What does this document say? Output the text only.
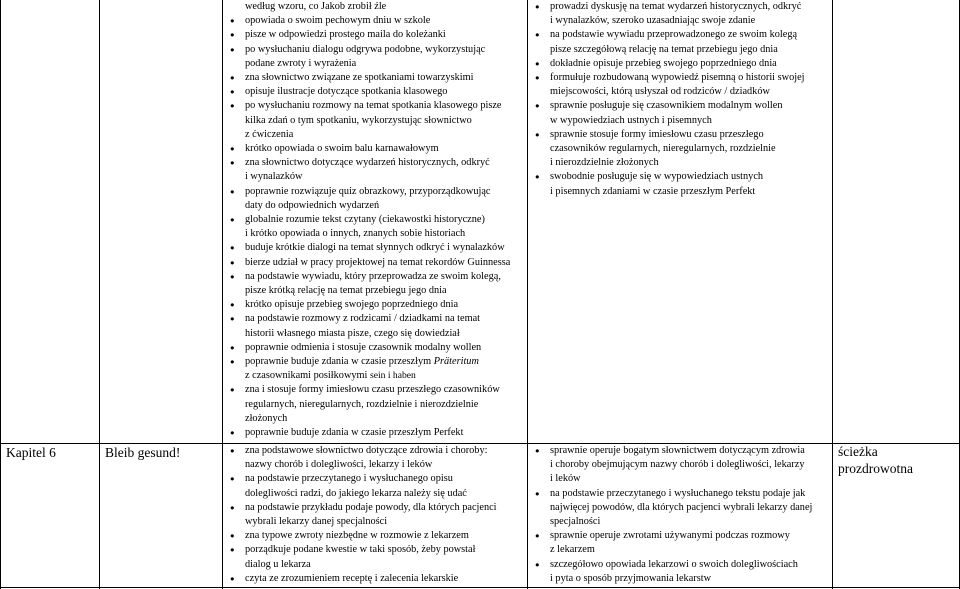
według wzoru, co Jakob zrobił źle
● opowiada o swoim pechowym dniu w szkole
● pisze w odpowiedzi prostego maila do koleżanki
● po wysłuchaniu dialogu odgrywa podobne, wykorzystując
podane zwroty i wyrażenia
● zna słownictwo związane ze spotkaniami towarzyskimi
● opisuje ilustracje dotyczące spotkania klasowego
● po wysłuchaniu rozmowy na temat spotkania klasowego pisze
kilka zdań o tym spotkaniu, wykorzystując słownictwo
z ćwiczenia
● krótko opowiada o swoim balu karnawałowym
● zna słownictwo dotyczące wydarzeń historycznych, odkryć
i wynalazków
● poprawnie rozwiązuje quiz obrazkowy, przyporządkowując
daty do odpowiednich wydarzeń
● globalnie rozumie tekst czytany (ciekawostki historyczne)
i krótko opowiada o innych, znanych sobie historiach
● buduje krótkie dialogi na temat słynnych odkryć i wynalazków
● bierze udział w pracy projektowej na temat rekordów Guinnessa
● na podstawie wywiadu, który przeprowadza ze swoim kolegą,
pisze krótką relację na temat przebiegu jego dnia
● krótko opisuje przebieg swojego poprzedniego dnia
● na podstawie rozmowy z rodzicami / dziadkami na temat
historii własnego miasta pisze, czego się dowiedział
● poprawnie odmienia i stosuje czasownik modalny wollen
● poprawnie buduje zdania w czasie przeszłym Präteritum
z czasownikami posiłkowymi sein i haben
● zna i stosuje formy imiesłowu czasu przeszłego czasowników
regularnych, nieregularnych, rozdzielnie i nierozdzielnie
złożonych
● poprawnie buduje zdania w czasie przeszłym Perfekt
● prowadzi dyskusję na temat wydarzeń historycznych, odkryć
i wynalazków, szeroko uzasadniając swoje zdanie
● na podstawie wywiadu przeprowadzonego ze swoim kolegą
pisze szczegółową relację na temat przebiegu jego dnia
● dokładnie opisuje przebieg swojego poprzedniego dnia
● formułuje rozbudowaną wypowiedź pisemną o historii swojej
miejscowości, którą usłyszał od rodziców / dziadków
● sprawnie posługuje się czasownikiem modalnym wollen
w wypowiedziach ustnych i pisemnych
● sprawnie stosuje formy imiesłowu czasu przeszłego
czasowników regularnych, nieregularnych, rozdzielnie
i nierozdzielnie złożonych
● swobodnie posługuje się w wypowiedziach ustnych
i pisemnych zdaniami w czasie przeszłym Perfekt
Kapitel 6	Bleib gesund!
●	zna podstawowe słownictwo dotyczące zdrowia i choroby:
nazwy chorób i dolegliwości, lekarzy i leków
● na podstawie przeczytanego i wysłuchanego opisu
dolegliwości radzi, do jakiego lekarza należy się udać
● na podstawie przykładu podaje powody, dla których pacjenci
wybrali lekarzy danej specjalności
● zna typowe zwroty niezbędne w rozmowie z lekarzem
● porządkuje podane kwestie w taki sposób, żeby powstał
dialog u lekarza
● czyta ze zrozumieniem receptę i zalecenia lekarskie
● sprawnie operuje bogatym słownictwem dotyczącym zdrowia
i choroby obejmującym nazwy chorób i dolegliwości, lekarzy
i leków
● na podstawie przeczytanego i wysłuchanego tekstu podaje jak
najwięcej powodów, dla których pacjenci wybrali lekarzy danej
specjalności
● sprawnie operuje zwrotami używanymi podczas rozmowy
z lekarzem
● szczegółowo opowiada lekarzowi o swoich dolegliwościach
i pyta o sposób przyjmowania lekarstw
ścieżka prozdrowotna
